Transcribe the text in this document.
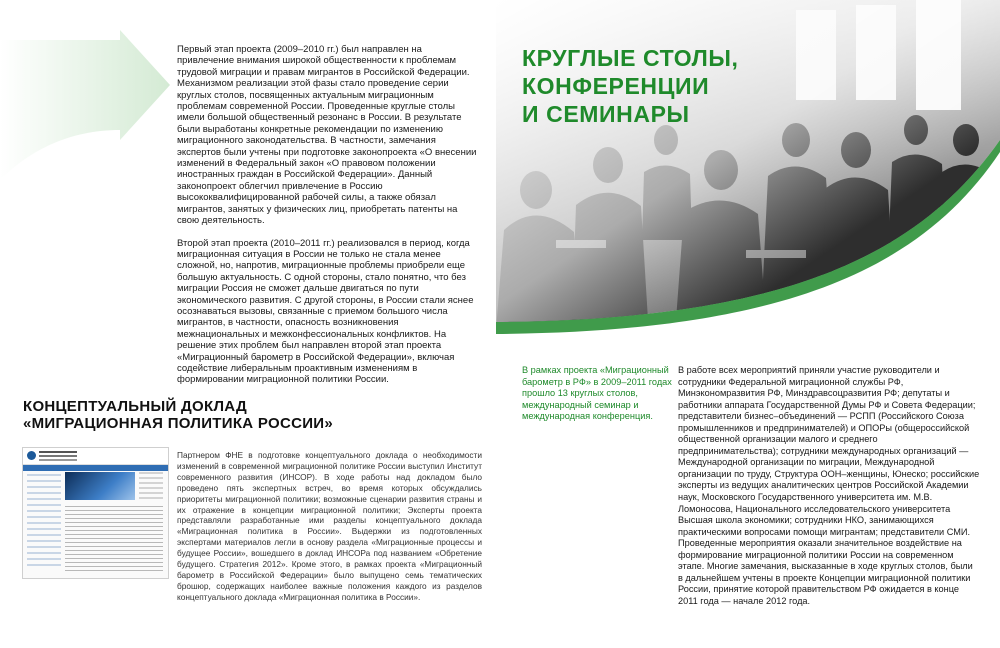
Первый этап проекта (2009–2010 гг.) был направлен на привлечение внимания широкой общественности к проблемам трудовой миграции и правам мигрантов в Российской Федерации. Механизмом реализации этой фазы стало проведение серии круглых столов, посвященных актуальным миграционным проблемам современной России. Проведенные круглые столы имели большой общественный резонанс в России. В результате были выработаны конкретные рекомендации по изменению миграционного законодательства. В частности, замечания экспертов были учтены при подготовке законопроекта «О внесении изменений в Федеральный закон «О правовом положении иностранных граждан в Российской Федерации». Данный законопроект облегчил привлечение в Россию высококвалифицированной рабочей силы, а также обязал мигрантов, занятых у физических лиц, приобретать патенты на свою деятельность.

Второй этап проекта (2010–2011 гг.) реализовался в период, когда миграционная ситуация в России не только не стала менее сложной, но, напротив, миграционные проблемы приобрели еще большую актуальность. С одной стороны, стало понятно, что без миграции Россия не сможет дальше двигаться по пути экономического развития. С другой стороны, в России стали яснее осознаваться вызовы, связанные с приемом большого числа мигрантов, в частности, опасность возникновения межнациональных и межконфессиональных конфликтов. На решение этих проблем был направлен второй этап проекта «Миграционный барометр в Российской Федерации», включая содействие либеральным проактивным изменениям в формировании миграционной политики России.

КОНЦЕПТУАЛЬНЫЙ ДОКЛАД
«МИГРАЦИОННАЯ ПОЛИТИКА РОССИИ»

Партнером ФНЕ в подготовке концептуального доклада о необходимости изменений в современной миграционной политике России выступил Институт современного развития (ИНСОР). В ходе работы над докладом было проведено пять экспертных встреч, во время которых обсуждались приоритеты миграционной политики; возможные сценарии развития страны и их отражение в концепции миграционной политики; Эксперты проекта представляли разработанные ими разделы концептуального доклада «Миграционная политика в России». Выдержки из подготовленных экспертами материалов легли в основу раздела «Миграционные процессы и будущее России», вошедшего в доклад ИНСОРа под названием «Обретение будущего. Стратегия 2012». Кроме этого, в рамках проекта «Миграционный барометр в Российской Федерации» было выпущено семь тематических брошюр, содержащих наиболее важные положения каждого из разделов концептуального доклада «Миграционная политика в России».

КРУГЛЫЕ СТОЛЫ,
КОНФЕРЕНЦИИ
И СЕМИНАРЫ

В рамках проекта «Миграционный барометр в РФ» в 2009–2011 годах прошло 13 круглых столов, международный семинар и международная конференция.

В работе всех мероприятий приняли участие руководители и сотрудники Федеральной миграционной службы РФ, Минэкономразвития РФ, Минздравсоцразвития РФ; депутаты и работники аппарата Государственной Думы РФ и Совета Федерации; представители бизнес–объединений — РСПП (Российского Союза промышленников и предпринимателей) и ОПОРы (общероссийской общественной организации малого и среднего предпринимательства); сотрудники международных организаций — Международной организации по миграции, Международной организации по труду, Структура ООН–женщины, Юнеско; российские эксперты из ведущих аналитических центров Российской Академии наук, Московского Государственного университета им. М.В. Ломоносова, Национального исследовательского университета Высшая школа экономики; сотрудники НКО, занимающихся практическими вопросами помощи мигрантам; представители СМИ.

Проведенные мероприятия оказали значительное воздействие на формирование миграционной политики России на современном этапе. Многие замечания, высказанные в ходе круглых столов, были в дальнейшем учтены в проекте Концепции миграционной политики России, принятие которой правительством РФ ожидается в конце 2011 года — начале 2012 года.
